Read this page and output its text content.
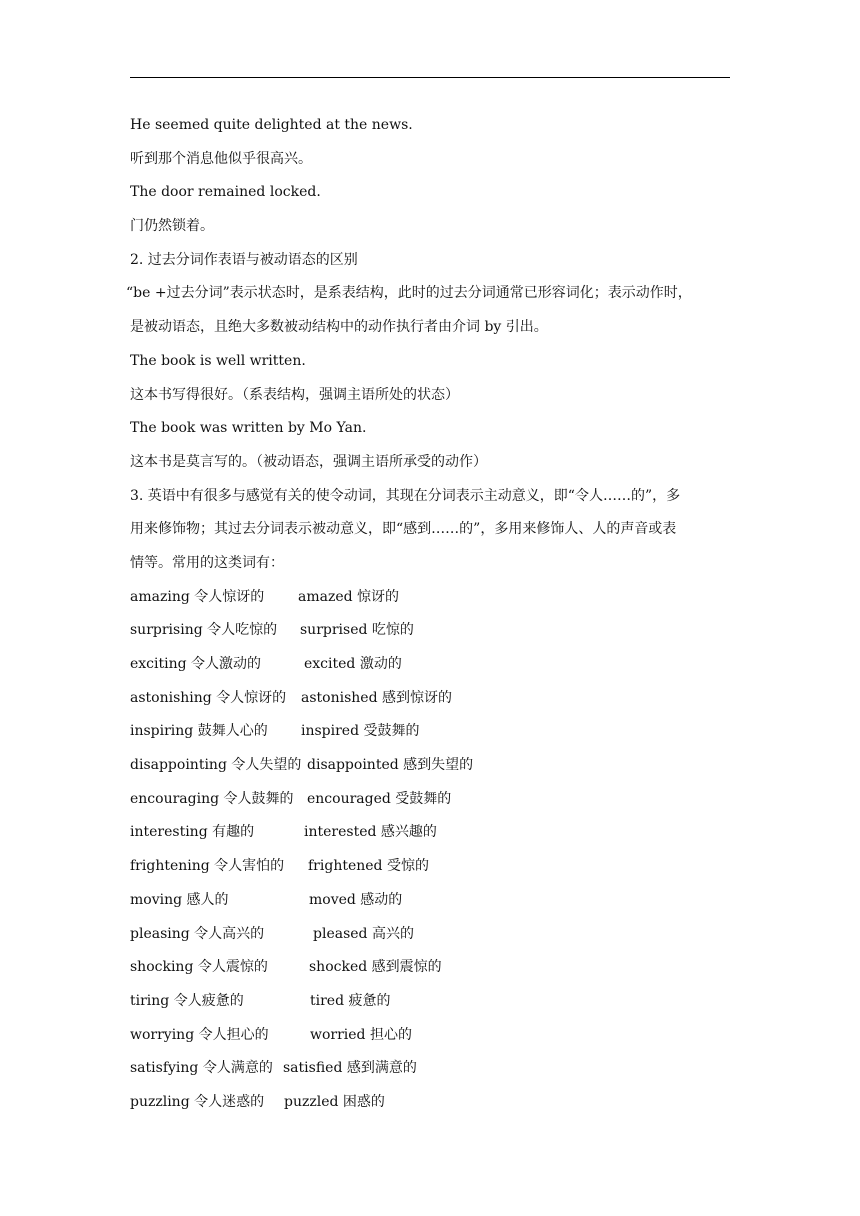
He seemed quite delighted at the news.
听到那个消息他似乎很高兴。
The door remained locked.
门仍然锁着。
2. 过去分词作表语与被动语态的区别
“be +过去分词”表示状态时，是系表结构，此时的过去分词通常已形容词化；表示动作时，
是被动语态，且绝大多数被动结构中的动作执行者由介词 by 引出。
The book is well written.
这本书写得很好。（系表结构，强调主语所处的状态）
The book was written by Mo Yan.
这本书是莫言写的。（被动语态，强调主语所承受的动作）
3. 英语中有很多与感觉有关的使令动词，其现在分词表示主动意义，即“令人……的”，多
用来修饰物；其过去分词表示被动意义，即“感到……的”，多用来修饰人、人的声音或表
情等。常用的这类词有：
amazing 令人惊讶的 amazed 惊讶的
surprising 令人吃惊的 surprised 吃惊的
exciting 令人激动的	excited 激动的
astonishing 令人惊讶的 astonished 感到惊讶的
inspiring 鼓舞人心的 inspired 受鼓舞的
disappointing 令人失望的 disappointed 感到失望的
encouraging 令人鼓舞的 encouraged 受鼓舞的
interesting 有趣的	interested 感兴趣的
frightening 令人害怕的 frightened 受惊的
moving 感人的	moved 感动的
pleasing 令人高兴的	pleased 高兴的
shocking 令人震惊的	shocked 感到震惊的
tiring 令人疲惫的	tired 疲惫的
worrying 令人担心的	worried 担心的
satisfying 令人满意的 satisfied 感到满意的
puzzling 令人迷惑的 puzzled 困惑的
